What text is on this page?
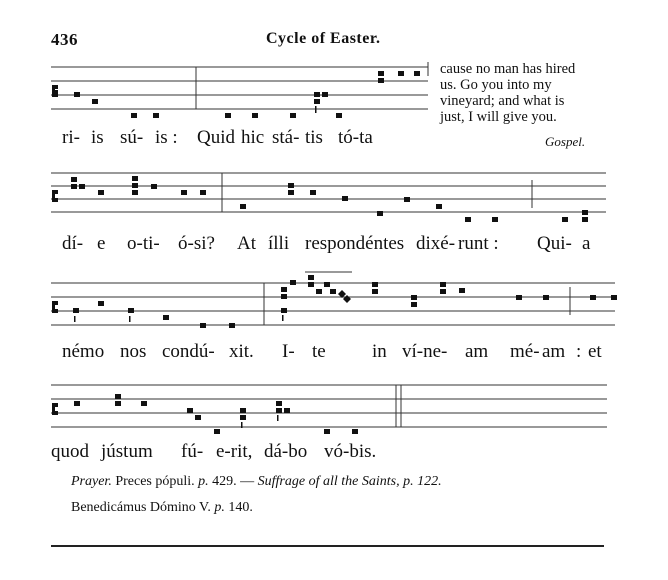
436	Cycle of Easter.
ri- is sú- is : Quid hic stá- tis tó-ta
cause no man has hired
us. Go you into my
vineyard; and what is
just, I will give you.
Gospel.
dí- e o-ti- ó-si? At ílli respondéntes dixé- runt : Qui- a
némo nos condú- xit. I- te in ví-ne- am mé- am : et
quod jústum fú- e-rit, dá-bo vó-bis.
Prayer. Preces pópuli. p. 429. — Suffrage of all the Saints, p. 122.
Benedicámus Dómino V. p. 140.
